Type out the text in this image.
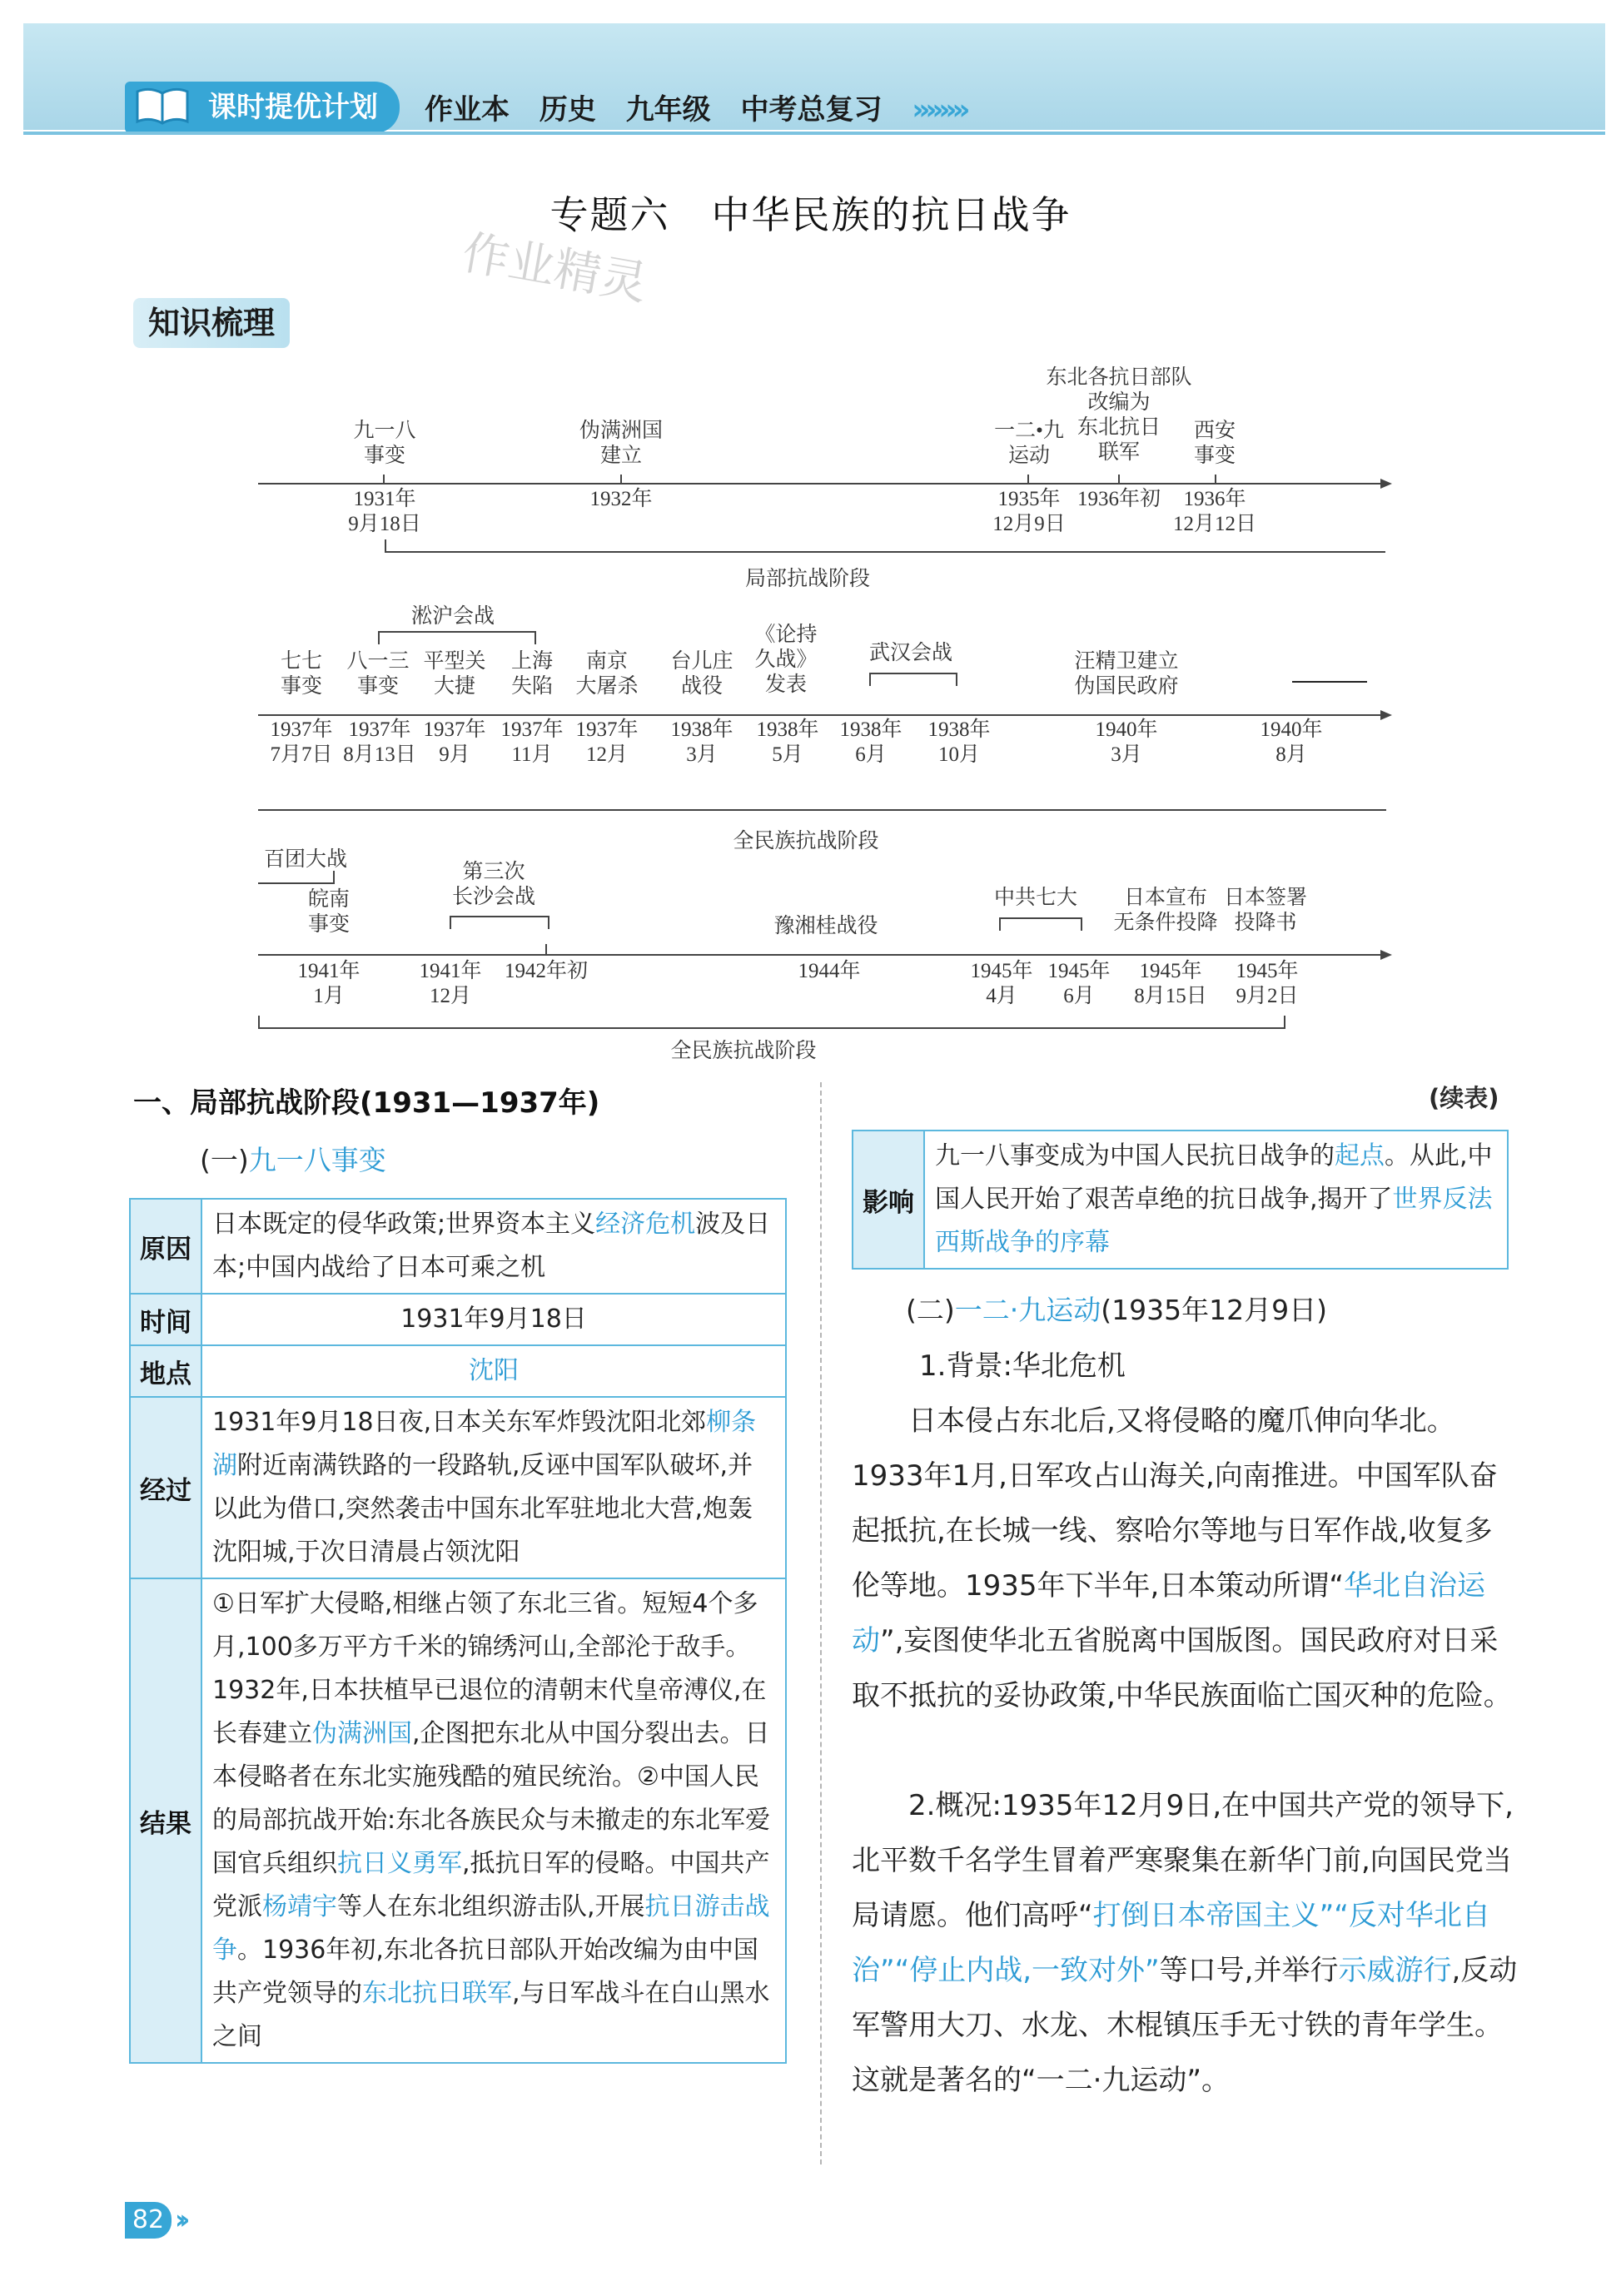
课时提优计划	作业本 历史 九年级 中考总复习 ››››››››
专题六 中华民族的抗日战争
作业精灵
知识梳理
九一八
事变
伪满洲国
建立
一二•九
运动
东北各抗日部队
改编为
东北抗日
联军
西安
事变
1931年
9月18日
1932年	1935年
12月9日
1936年初	1936年
12月12日
局部抗战阶段
淞沪会战
七七
事变
八一三
事变
平型关
大捷
上海
失陷
南京
大屠杀
台儿庄
战役
《论持
久战》
发表
武汉会战	汪精卫建立
伪国民政府
1937年
7月7日
1937年
8月13日
1937年
9月
1937年
11月
1937年
12月
1938年
3月
1938年
5月
1938年
6月
1938年
10月
1940年
3月
1940年
8月
全民族抗战阶段
百团大战
皖南
事变
第三次
长沙会战
豫湘桂战役
中共七大	日本宣布
无条件投降
日本签署
投降书
1941年
1月
1941年
12月
1942年初	1944年	1945年
4月
1945年
6月
1945年
8月15日
1945年
9月2日
全民族抗战阶段
一、局部抗战阶段(1931—1937年)
(一)九一八事变
原因	日本既定的侵华政策;世界资本主义经济危机波及日本;中国内战给了日本可乘之机
时间	1931年9月18日
地点	沈阳
经过	1931年9月18日夜,日本关东军炸毁沈阳北郊柳条湖附近南满铁路的一段路轨,反诬中国军队破坏,并以此为借口,突然袭击中国东北军驻地北大营,炮轰沈阳城,于次日清晨占领沈阳
结果	①日军扩大侵略,相继占领了东北三省。短短4个多月,100多万平方千米的锦绣河山,全部沦于敌手。1932年,日本扶植早已退位的清朝末代皇帝溥仪,在长春建立伪满洲国,企图把东北从中国分裂出去。日本侵略者在东北实施残酷的殖民统治。②中国人民的局部抗战开始:东北各族民众与未撤走的东北军爱国官兵组织抗日义勇军,抵抗日军的侵略。中国共产党派杨靖宇等人在东北组织游击队,开展抗日游击战争。1936年初,东北各抗日部队开始改编为由中国共产党领导的东北抗日联军,与日军战斗在白山黑水之间
(续表)
影响	九一八事变成为中国人民抗日战争的起点。从此,中国人民开始了艰苦卓绝的抗日战争,揭开了世界反法西斯战争的序幕
(二)一二·九运动(1935年12月9日)
1.背景:华北危机
日本侵占东北后,又将侵略的魔爪伸向华北。1933年1月,日军攻占山海关,向南推进。中国军队奋起抵抗,在长城一线、察哈尔等地与日军作战,收复多伦等地。1935年下半年,日本策动所谓“华北自治运动”,妄图使华北五省脱离中国版图。国民政府对日采取不抵抗的妥协政策,中华民族面临亡国灭种的危险。
2.概况:1935年12月9日,在中国共产党的领导下,北平数千名学生冒着严寒聚集在新华门前,向国民党当局请愿。他们高呼“打倒日本帝国主义”“反对华北自治”“停止内战,一致对外”等口号,并举行示威游行,反动军警用大刀、水龙、木棍镇压手无寸铁的青年学生。这就是著名的“一二·九运动”。
82 ››
